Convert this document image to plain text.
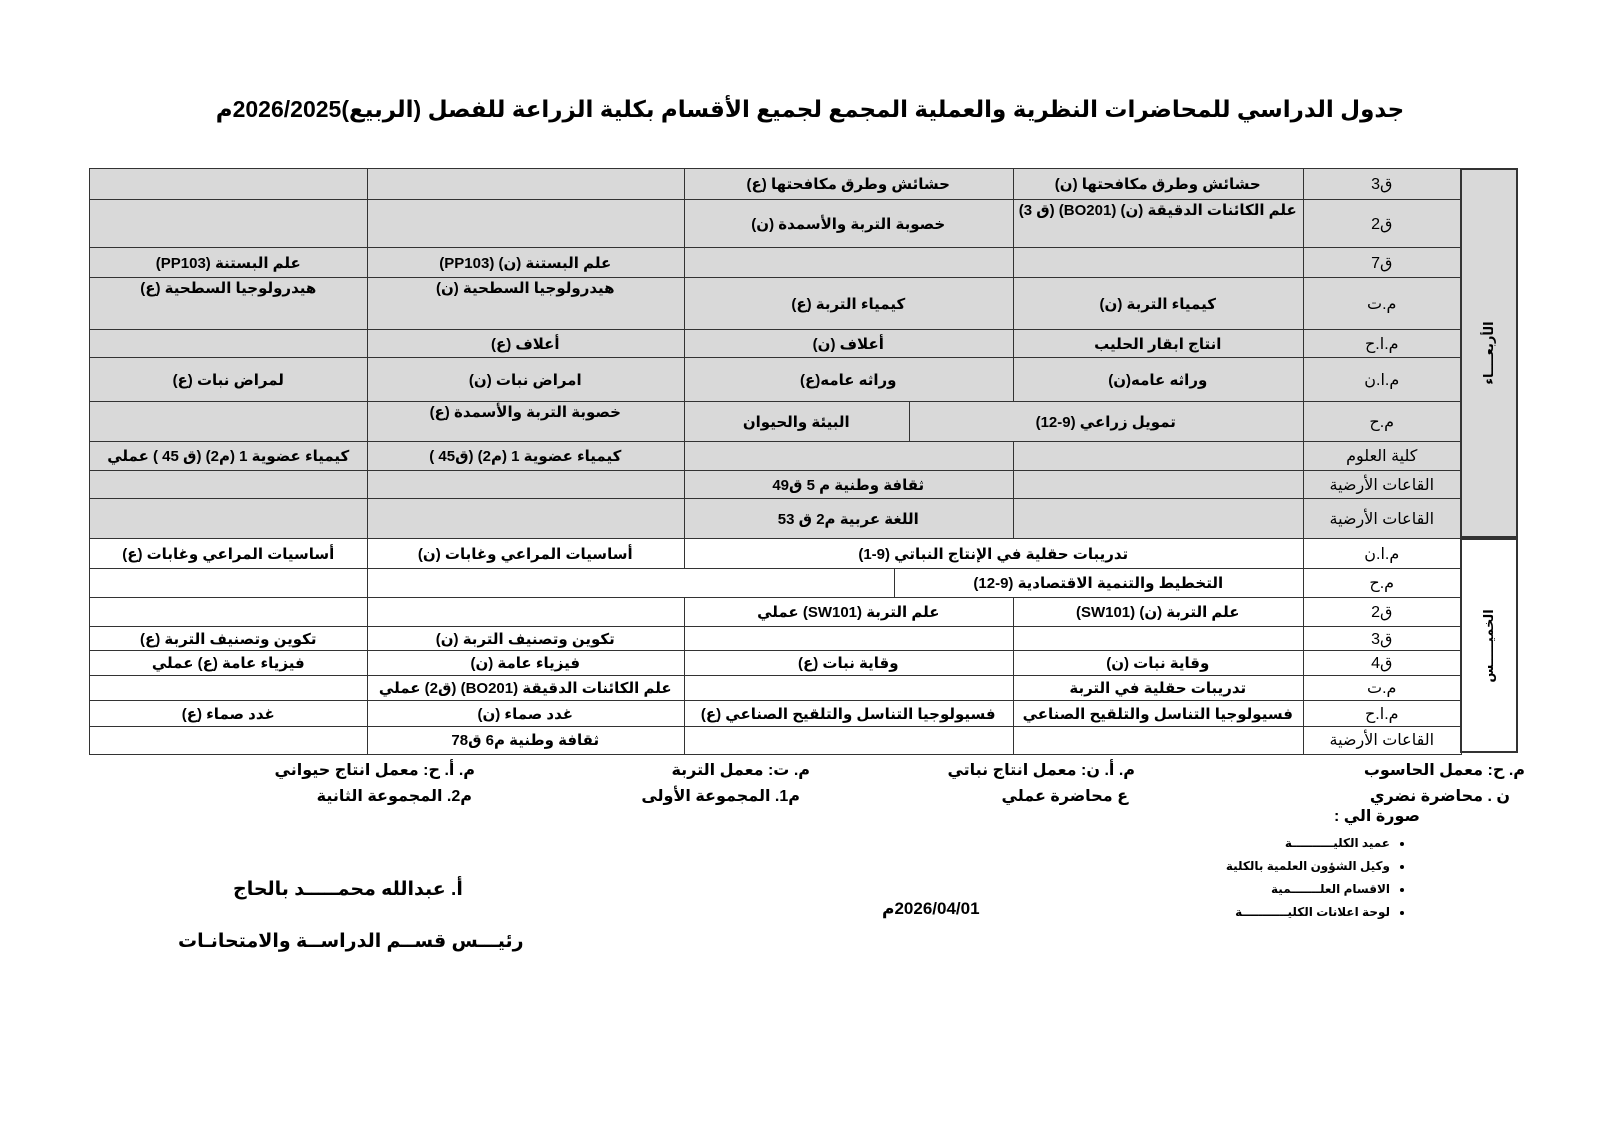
جدول الدراسي للمحاضرات النظرية والعملية المجمع لجميع الأقسام بكلية الزراعة للفصل (الربيع)2026/2025م
ق3
حشائش وطرق مكافحتها (ن)
حشائش وطرق مكافحتها (ع)
ق2
علم الكائنات الدقيقة (ن) (BO201) (ق 3)
خصوبة التربة والأسمدة (ن)
ق7
علم البستنة (ن) (PP103)
علم البستنة (PP103)
م.ت
كيمياء التربة (ن)
كيمياء التربة (ع)
هيدرولوجيا السطحية (ن)
هيدرولوجيا السطحية (ع)
م.ا.ح
انتاج ابقار الحليب
أعلاف (ن)
أعلاف (ع)
م.ا.ن
وراثه عامه(ن)
وراثه عامه(ع)
امراض نبات (ن)
لمراض نبات (ع)
م.ح
تمويل زراعي (9-12)
البيئة والحيوان
خصوبة التربة والأسمدة (ع)
كلية العلوم
كيمياء عضوية 1 (م2) (ق45 )
كيمياء عضوية 1 (م2) (ق 45 ) عملي
القاعات الأرضية
ثقافة وطنية م 5 ق49
القاعات الأرضية
اللغة عربية م2 ق 53
م.ا.ن
تدريبات حقلية في الإنتاج النباتي (9-1)
أساسيات المراعي وغابات (ن)
أساسيات المراعي وغابات (ع)
م.ح
التخطيط والتنمية الاقتصادية (9-12)
ق2
علم التربة (ن) (SW101)
علم التربة (SW101) عملي
ق3
تكوين وتصنيف التربة (ن)
تكوين وتصنيف التربة (ع)
ق4
وقاية نبات (ن)
وقاية نبات (ع)
فيزياء عامة (ن)
فيزياء عامة (ع) عملي
م.ت
تدريبات حقلية في التربة
علم الكائنات الدقيقة (BO201) (ق2) عملي
م.ا.ح
فسيولوجيا التناسل والتلقيح الصناعي
فسيولوجيا التناسل والتلقيح الصناعي (ع)
غدد صماء (ن)
غدد صماء (ع)
القاعات الأرضية
ثقافة وطنية م6 ق78
الأربعــــاء
الخميـــــس
م. ح: معمل الحاسوب
م. أ. ن: معمل انتاج نباتي
م. ت: معمل التربة
م. أ. ح: معمل انتاج حيواني
ن . محاضرة نضري
ع محاضرة عملي
م1. المجموعة الأولى
م2. المجموعة الثانية
صورة الي :
• عميد الكليــــــــــة
• وكيل الشؤون العلمية بالكلية
• الاقسام العلـــــــمية
• لوحة اعلانات الكليـــــــــــة
2026/04/01م
أ. عبدالله محمـــــد بالحاج
رئيـــس قســم الدراســة والامتحانـات
